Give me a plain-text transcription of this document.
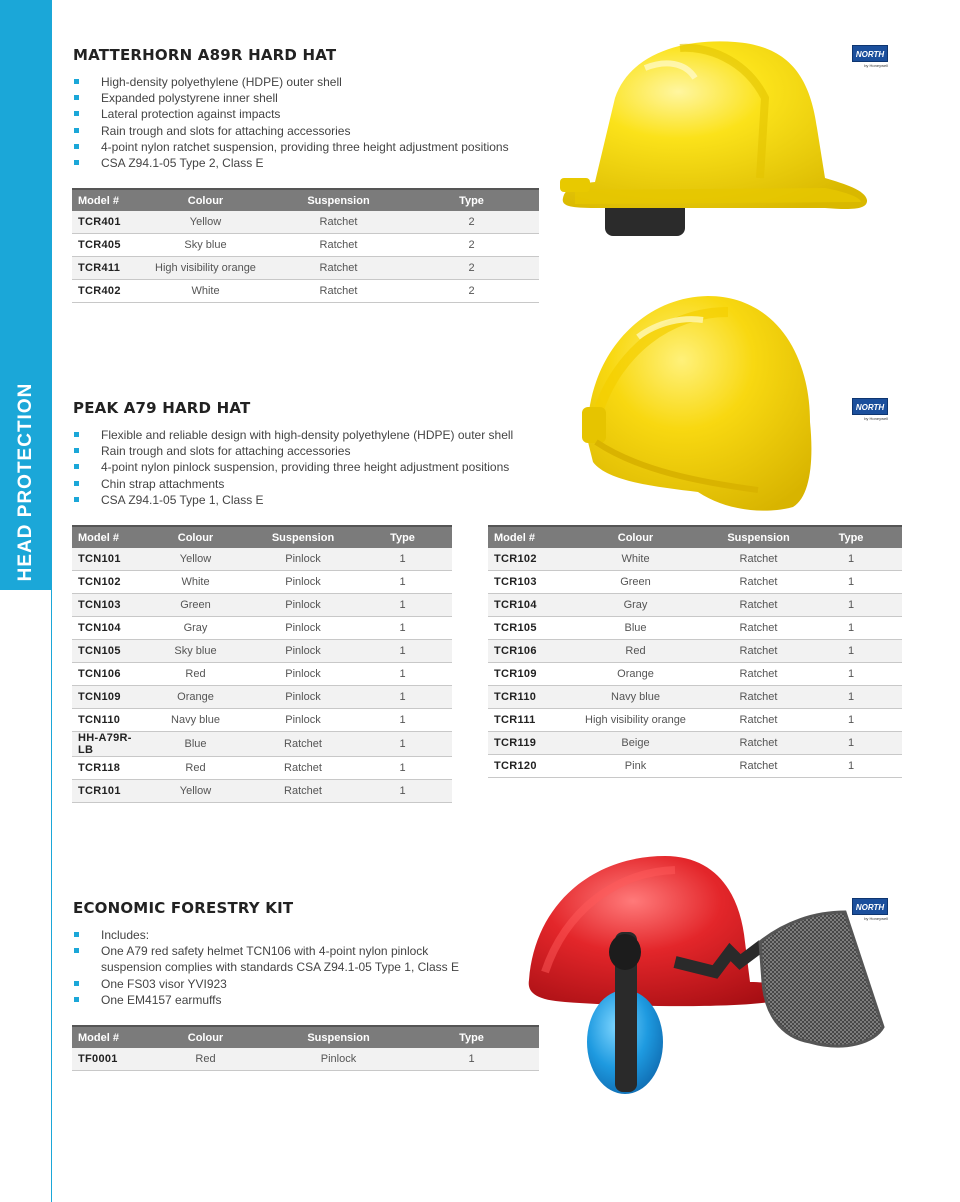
HEAD PROTECTION
MATTERHORN A89R HARD HAT
High-density polyethylene (HDPE) outer shell
Expanded polystyrene inner shell
Lateral protection against impacts
Rain trough and slots for attaching accessories
4-point nylon ratchet suspension, providing three height adjustment positions
CSA Z94.1-05 Type 2, Class E
Model #	Colour	Suspension	Type
TCR401	Yellow	Ratchet	2
TCR405	Sky blue	Ratchet	2
TCR411	High visibility orange	Ratchet	2
TCR402	White	Ratchet	2
NORTH
by Honeywell
NORTH
by Honeywell
PEAK A79 HARD HAT
Flexible and reliable design with high-density polyethylene (HDPE) outer shell
Rain trough and slots for attaching accessories
4-point nylon pinlock suspension, providing three height adjustment positions
Chin strap attachments
CSA Z94.1-05 Type 1, Class E
Model #	Colour	Suspension	Type
TCN101	Yellow	Pinlock	1
TCN102	White	Pinlock	1
TCN103	Green	Pinlock	1
TCN104	Gray	Pinlock	1
TCN105	Sky blue	Pinlock	1
TCN106	Red	Pinlock	1
TCN109	Orange	Pinlock	1
TCN110	Navy blue	Pinlock	1
HH-A79R-LB	Blue	Ratchet	1
TCR118	Red	Ratchet	1
TCR101	Yellow	Ratchet	1
Model #	Colour	Suspension	Type
TCR102	White	Ratchet	1
TCR103	Green	Ratchet	1
TCR104	Gray	Ratchet	1
TCR105	Blue	Ratchet	1
TCR106	Red	Ratchet	1
TCR109	Orange	Ratchet	1
TCR110	Navy blue	Ratchet	1
TCR111	High visibility orange	Ratchet	1
TCR119	Beige	Ratchet	1
TCR120	Pink	Ratchet	1
NORTH
by Honeywell
ECONOMIC FORESTRY KIT
Includes:
One A79 red safety helmet TCN106 with 4-point nylon pinlock suspension complies with standards CSA Z94.1-05 Type 1, Class E
One FS03 visor YVI923
One EM4157 earmuffs
Model #	Colour	Suspension	Type
TF0001	Red	Pinlock	1
